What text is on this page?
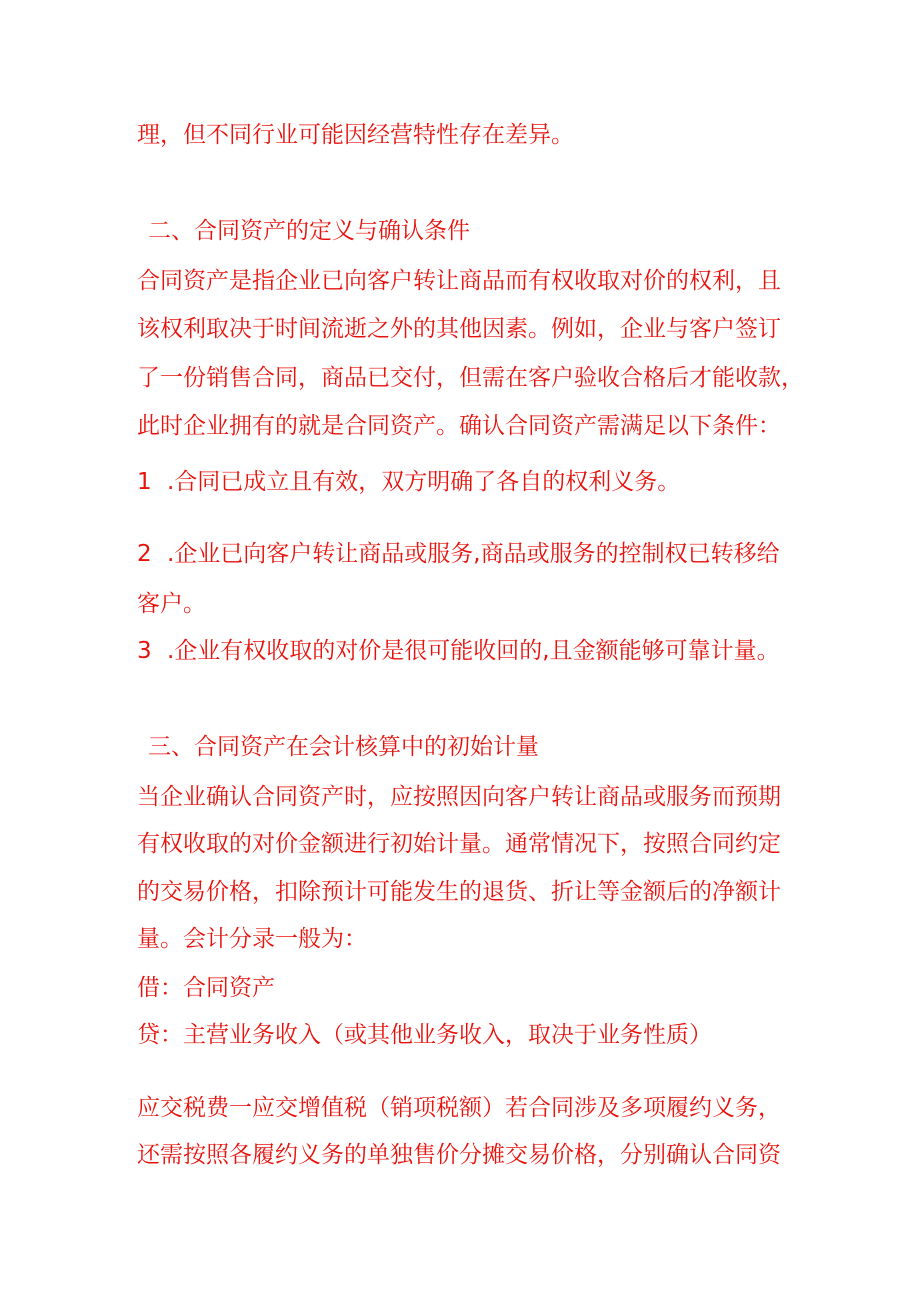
理，但不同行业可能因经营特性存在差异。
二、合同资产的定义与确认条件
合同资产是指企业已向客户转让商品而有权收取对价的权利，且
该权利取决于时间流逝之外的其他因素。例如，企业与客户签订
了一份销售合同，商品已交付，但需在客户验收合格后才能收款，
此时企业拥有的就是合同资产。确认合同资产需满足以下条件：
1 .合同已成立且有效，双方明确了各自的权利义务。
2 .企业已向客户转让商品或服务,商品或服务的控制权已转移给
客户。
3 .企业有权收取的对价是很可能收回的,且金额能够可靠计量。
三、合同资产在会计核算中的初始计量
当企业确认合同资产时，应按照因向客户转让商品或服务而预期
有权收取的对价金额进行初始计量。通常情况下，按照合同约定
的交易价格，扣除预计可能发生的退货、折让等金额后的净额计
量。会计分录一般为：
借：合同资产
贷：主营业务收入（或其他业务收入，取决于业务性质）
应交税费一应交增值税（销项税额）若合同涉及多项履约义务，
还需按照各履约义务的单独售价分摊交易价格，分别确认合同资
